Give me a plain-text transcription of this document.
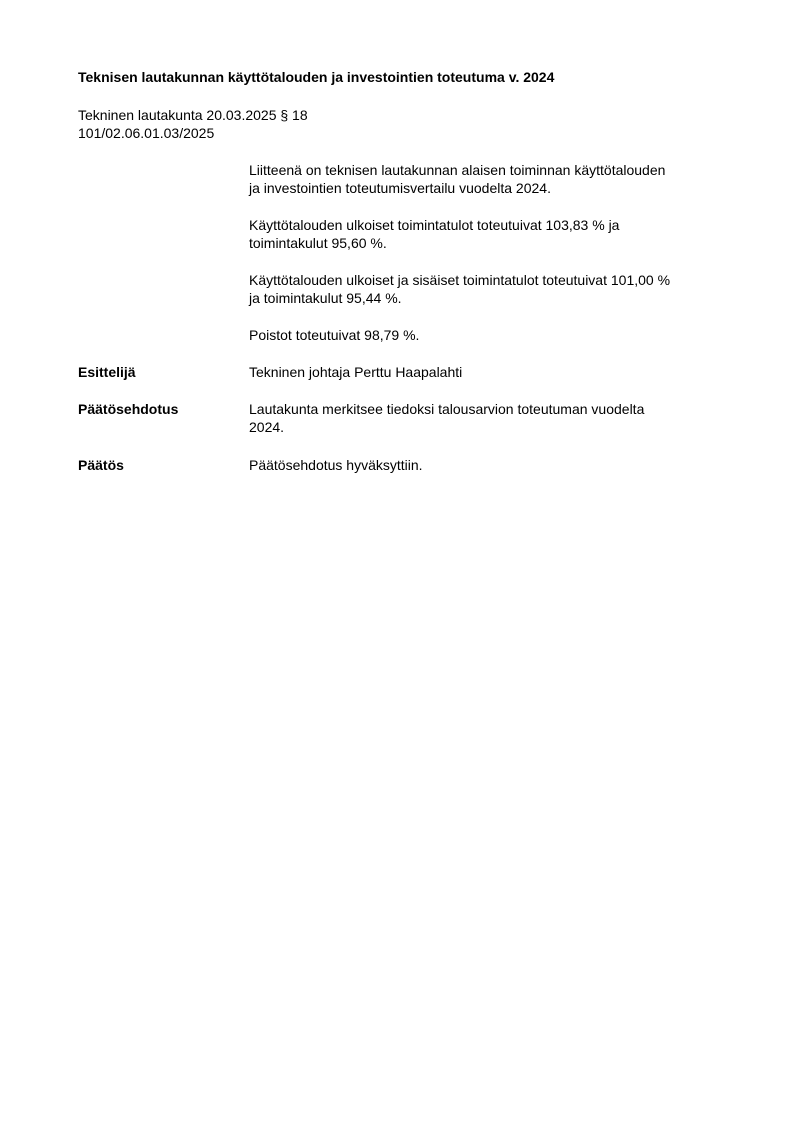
Teknisen lautakunnan käyttötalouden ja investointien toteutuma v. 2024
Tekninen lautakunta 20.03.2025 § 18
101/02.06.01.03/2025
Liitteenä on teknisen lautakunnan alaisen toiminnan käyttötalouden
ja investointien toteutumisvertailu vuodelta 2024.
Käyttötalouden ulkoiset toimintatulot toteutuivat 103,83 % ja
toimintakulut 95,60 %.
Käyttötalouden ulkoiset ja sisäiset toimintatulot toteutuivat 101,00 %
ja toimintakulut 95,44 %.
Poistot toteutuivat 98,79 %.
Esittelijä	Tekninen johtaja Perttu Haapalahti
Päätösehdotus	Lautakunta merkitsee tiedoksi talousarvion toteutuman vuodelta
2024.
Päätös	Päätösehdotus hyväksyttiin.
